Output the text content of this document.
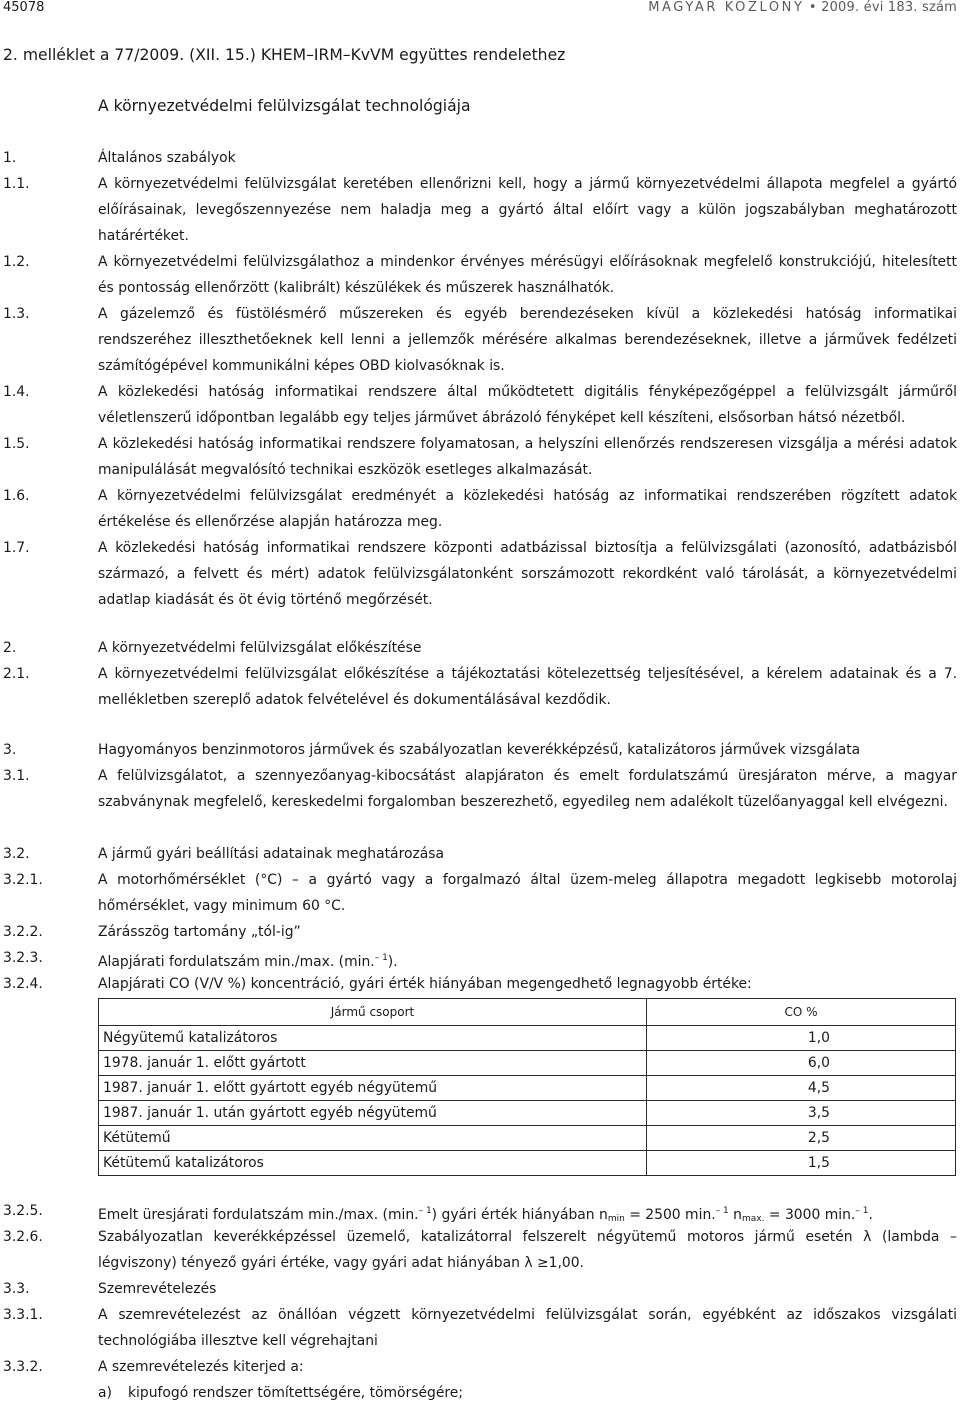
45078	MAGYAR KÖZLÖNY • 2009. évi 183. szám
2. melléklet a 77/2009. (XII. 15.) KHEM–IRM–KvVM együttes rendelethez
A környezetvédelmi felülvizsgálat technológiája
1.	Általános szabályok
1.1.	A környezetvédelmi felülvizsgálat keretében ellenőrizni kell, hogy a jármű környezetvédelmi állapota megfelel a gyártó előírásainak, levegőszennyezése nem haladja meg a gyártó által előírt vagy a külön jogszabályban meghatározott határértéket.
1.2.	A környezetvédelmi felülvizsgálathoz a mindenkor érvényes mérésügyi előírásoknak megfelelő konstrukciójú, hitelesített és pontosság ellenőrzött (kalibrált) készülékek és műszerek használhatók.
1.3.	A gázelemző és füstölésmérő műszereken és egyéb berendezéseken kívül a közlekedési hatóság informatikai rendszeréhez illeszthetőeknek kell lenni a jellemzők mérésére alkalmas berendezéseknek, illetve a járművek fedélzeti számítógépével kommunikálni képes OBD kiolvasóknak is.
1.4.	A közlekedési hatóság informatikai rendszere által működtetett digitális fényképezőgéppel a felülvizsgált járműről véletlenszerű időpontban legalább egy teljes járművet ábrázoló fényképet kell készíteni, elsősorban hátsó nézetből.
1.5.	A közlekedési hatóság informatikai rendszere folyamatosan, a helyszíni ellenőrzés rendszeresen vizsgálja a mérési adatok manipulálását megvalósító technikai eszközök esetleges alkalmazását.
1.6.	A környezetvédelmi felülvizsgálat eredményét a közlekedési hatóság az informatikai rendszerében rögzített adatok értékelése és ellenőrzése alapján határozza meg.
1.7.	A közlekedési hatóság informatikai rendszere központi adatbázissal biztosítja a felülvizsgálati (azonosító, adatbázisból származó, a felvett és mért) adatok felülvizsgálatonként sorszámozott rekordként való tárolását, a környezetvédelmi adatlap kiadását és öt évig történő megőrzését.
2.	A környezetvédelmi felülvizsgálat előkészítése
2.1.	A környezetvédelmi felülvizsgálat előkészítése a tájékoztatási kötelezettség teljesítésével, a kérelem adatainak és a 7. mellékletben szereplő adatok felvételével és dokumentálásával kezdődik.
3.	Hagyományos benzinmotoros járművek és szabályozatlan keverékképzésű, katalizátoros járművek vizsgálata
3.1.	A felülvizsgálatot, a szennyezőanyag-kibocsátást alapjáraton és emelt fordulatszámú üresjáraton mérve, a magyar szabványnak megfelelő, kereskedelmi forgalomban beszerezhető, egyedileg nem adalékolt tüzelőanyaggal kell elvégezni.
3.2.	A jármű gyári beállítási adatainak meghatározása
3.2.1.	A motorhőmérséklet (°C) – a gyártó vagy a forgalmazó által üzem-meleg állapotra megadott legkisebb motorolaj hőmérséklet, vagy minimum 60 °C.
3.2.2.	Zárásszög tartomány „tól-ig”
3.2.3.	Alapjárati fordulatszám min./max. (min.$^{- 1}$).
3.2.4.	Alapjárati CO (V/V %) koncentráció, gyári érték hiányában megengedhető legnagyobb értéke:
Jármű csoport	CO %
Négyütemű katalizátoros	1,0
1978. január 1. előtt gyártott	6,0
1987. január 1. előtt gyártott egyéb négyütemű	4,5
1987. január 1. után gyártott egyéb négyütemű	3,5
Kétütemű	2,5
Kétütemű katalizátoros	1,5
3.2.5.	Emelt üresjárati fordulatszám min./max. (min.$^{- 1}$) gyári érték hiányában $n_{min} = 2500$ min.$^{- 1}$ $n_{max.} = 3000$ min.$^{- 1}$.
3.2.6.	Szabályozatlan keverékképzéssel üzemelő, katalizátorral felszerelt négyütemű motoros jármű esetén λ (lambda –
légviszony) tényező gyári értéke, vagy gyári adat hiányában λ ≥1,00.
3.3.	Szemrevételezés
3.3.1.	A szemrevételezést az önállóan végzett környezetvédelmi felülvizsgálat során, egyébként az időszakos vizsgálati technológiába illesztve kell végrehajtani
3.3.2.	A szemrevételezés kiterjed a:
a) kipufogó rendszer tömítettségére, tömörségére;
